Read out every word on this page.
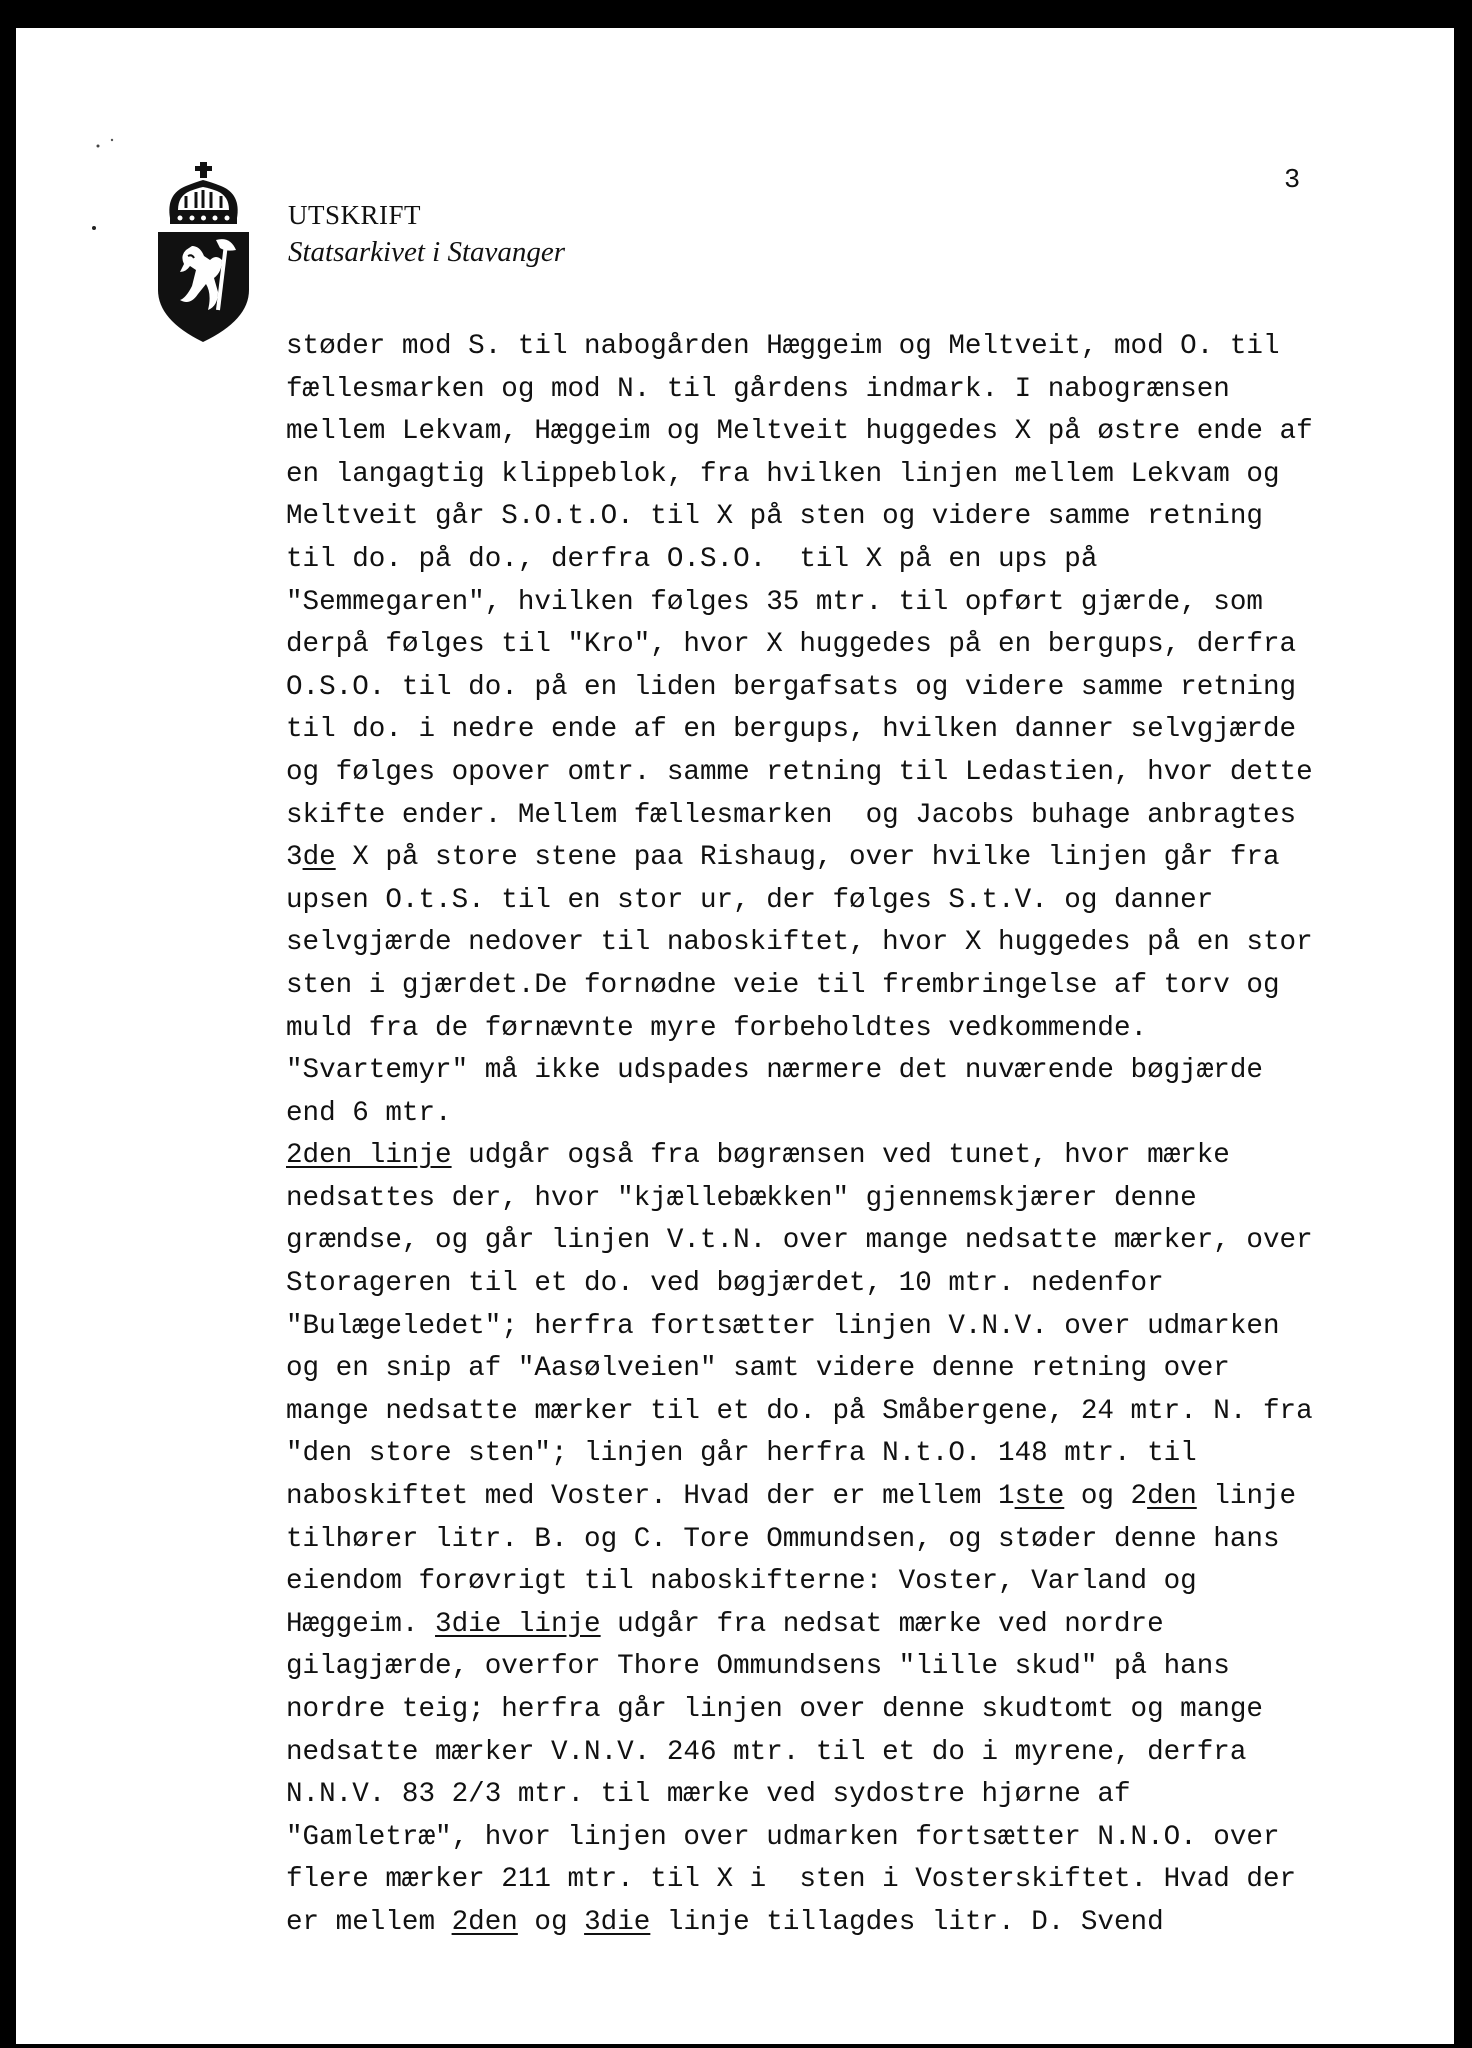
UTSKRIFT
Statsarkivet i Stavanger
3
støder mod S. til nabogården Hæggeim og Meltveit, mod O. til
fællesmarken og mod N. til gårdens indmark. I nabogrænsen
mellem Lekvam, Hæggeim og Meltveit huggedes X på østre ende af
en langagtig klippeblok, fra hvilken linjen mellem Lekvam og
Meltveit går S.O.t.O. til X på sten og videre samme retning
til do. på do., derfra O.S.O.  til X på en ups på
"Semmegaren", hvilken følges 35 mtr. til opført gjærde, som
derpå følges til "Kro", hvor X huggedes på en bergups, derfra
O.S.O. til do. på en liden bergafsats og videre samme retning
til do. i nedre ende af en bergups, hvilken danner selvgjærde
og følges opover omtr. samme retning til Ledastien, hvor dette
skifte ender. Mellem fællesmarken  og Jacobs buhage anbragtes
3de X på store stene paa Rishaug, over hvilke linjen går fra
upsen O.t.S. til en stor ur, der følges S.t.V. og danner
selvgjærde nedover til naboskiftet, hvor X huggedes på en stor
sten i gjærdet.De fornødne veie til frembringelse af torv og
muld fra de førnævnte myre forbeholdtes vedkommende.
"Svartemyr" må ikke udspades nærmere det nuværende bøgjærde
end 6 mtr.
2den linje udgår også fra bøgrænsen ved tunet, hvor mærke
nedsattes der, hvor "kjællebækken" gjennemskjærer denne
grændse, og går linjen V.t.N. over mange nedsatte mærker, over
Storageren til et do. ved bøgjærdet, 10 mtr. nedenfor
"Bulægeledet"; herfra fortsætter linjen V.N.V. over udmarken
og en snip af "Aasølveien" samt videre denne retning over
mange nedsatte mærker til et do. på Småbergene, 24 mtr. N. fra
"den store sten"; linjen går herfra N.t.O. 148 mtr. til
naboskiftet med Voster. Hvad der er mellem 1ste og 2den linje
tilhører litr. B. og C. Tore Ommundsen, og støder denne hans
eiendom forøvrigt til naboskifterne: Voster, Varland og
Hæggeim. 3die linje udgår fra nedsat mærke ved nordre
gilagjærde, overfor Thore Ommundsens "lille skud" på hans
nordre teig; herfra går linjen over denne skudtomt og mange
nedsatte mærker V.N.V. 246 mtr. til et do i myrene, derfra
N.N.V. 83 2/3 mtr. til mærke ved sydostre hjørne af
"Gamletræ", hvor linjen over udmarken fortsætter N.N.O. over
flere mærker 211 mtr. til X i  sten i Vosterskiftet. Hvad der
er mellem 2den og 3die linje tillagdes litr. D. Svend
